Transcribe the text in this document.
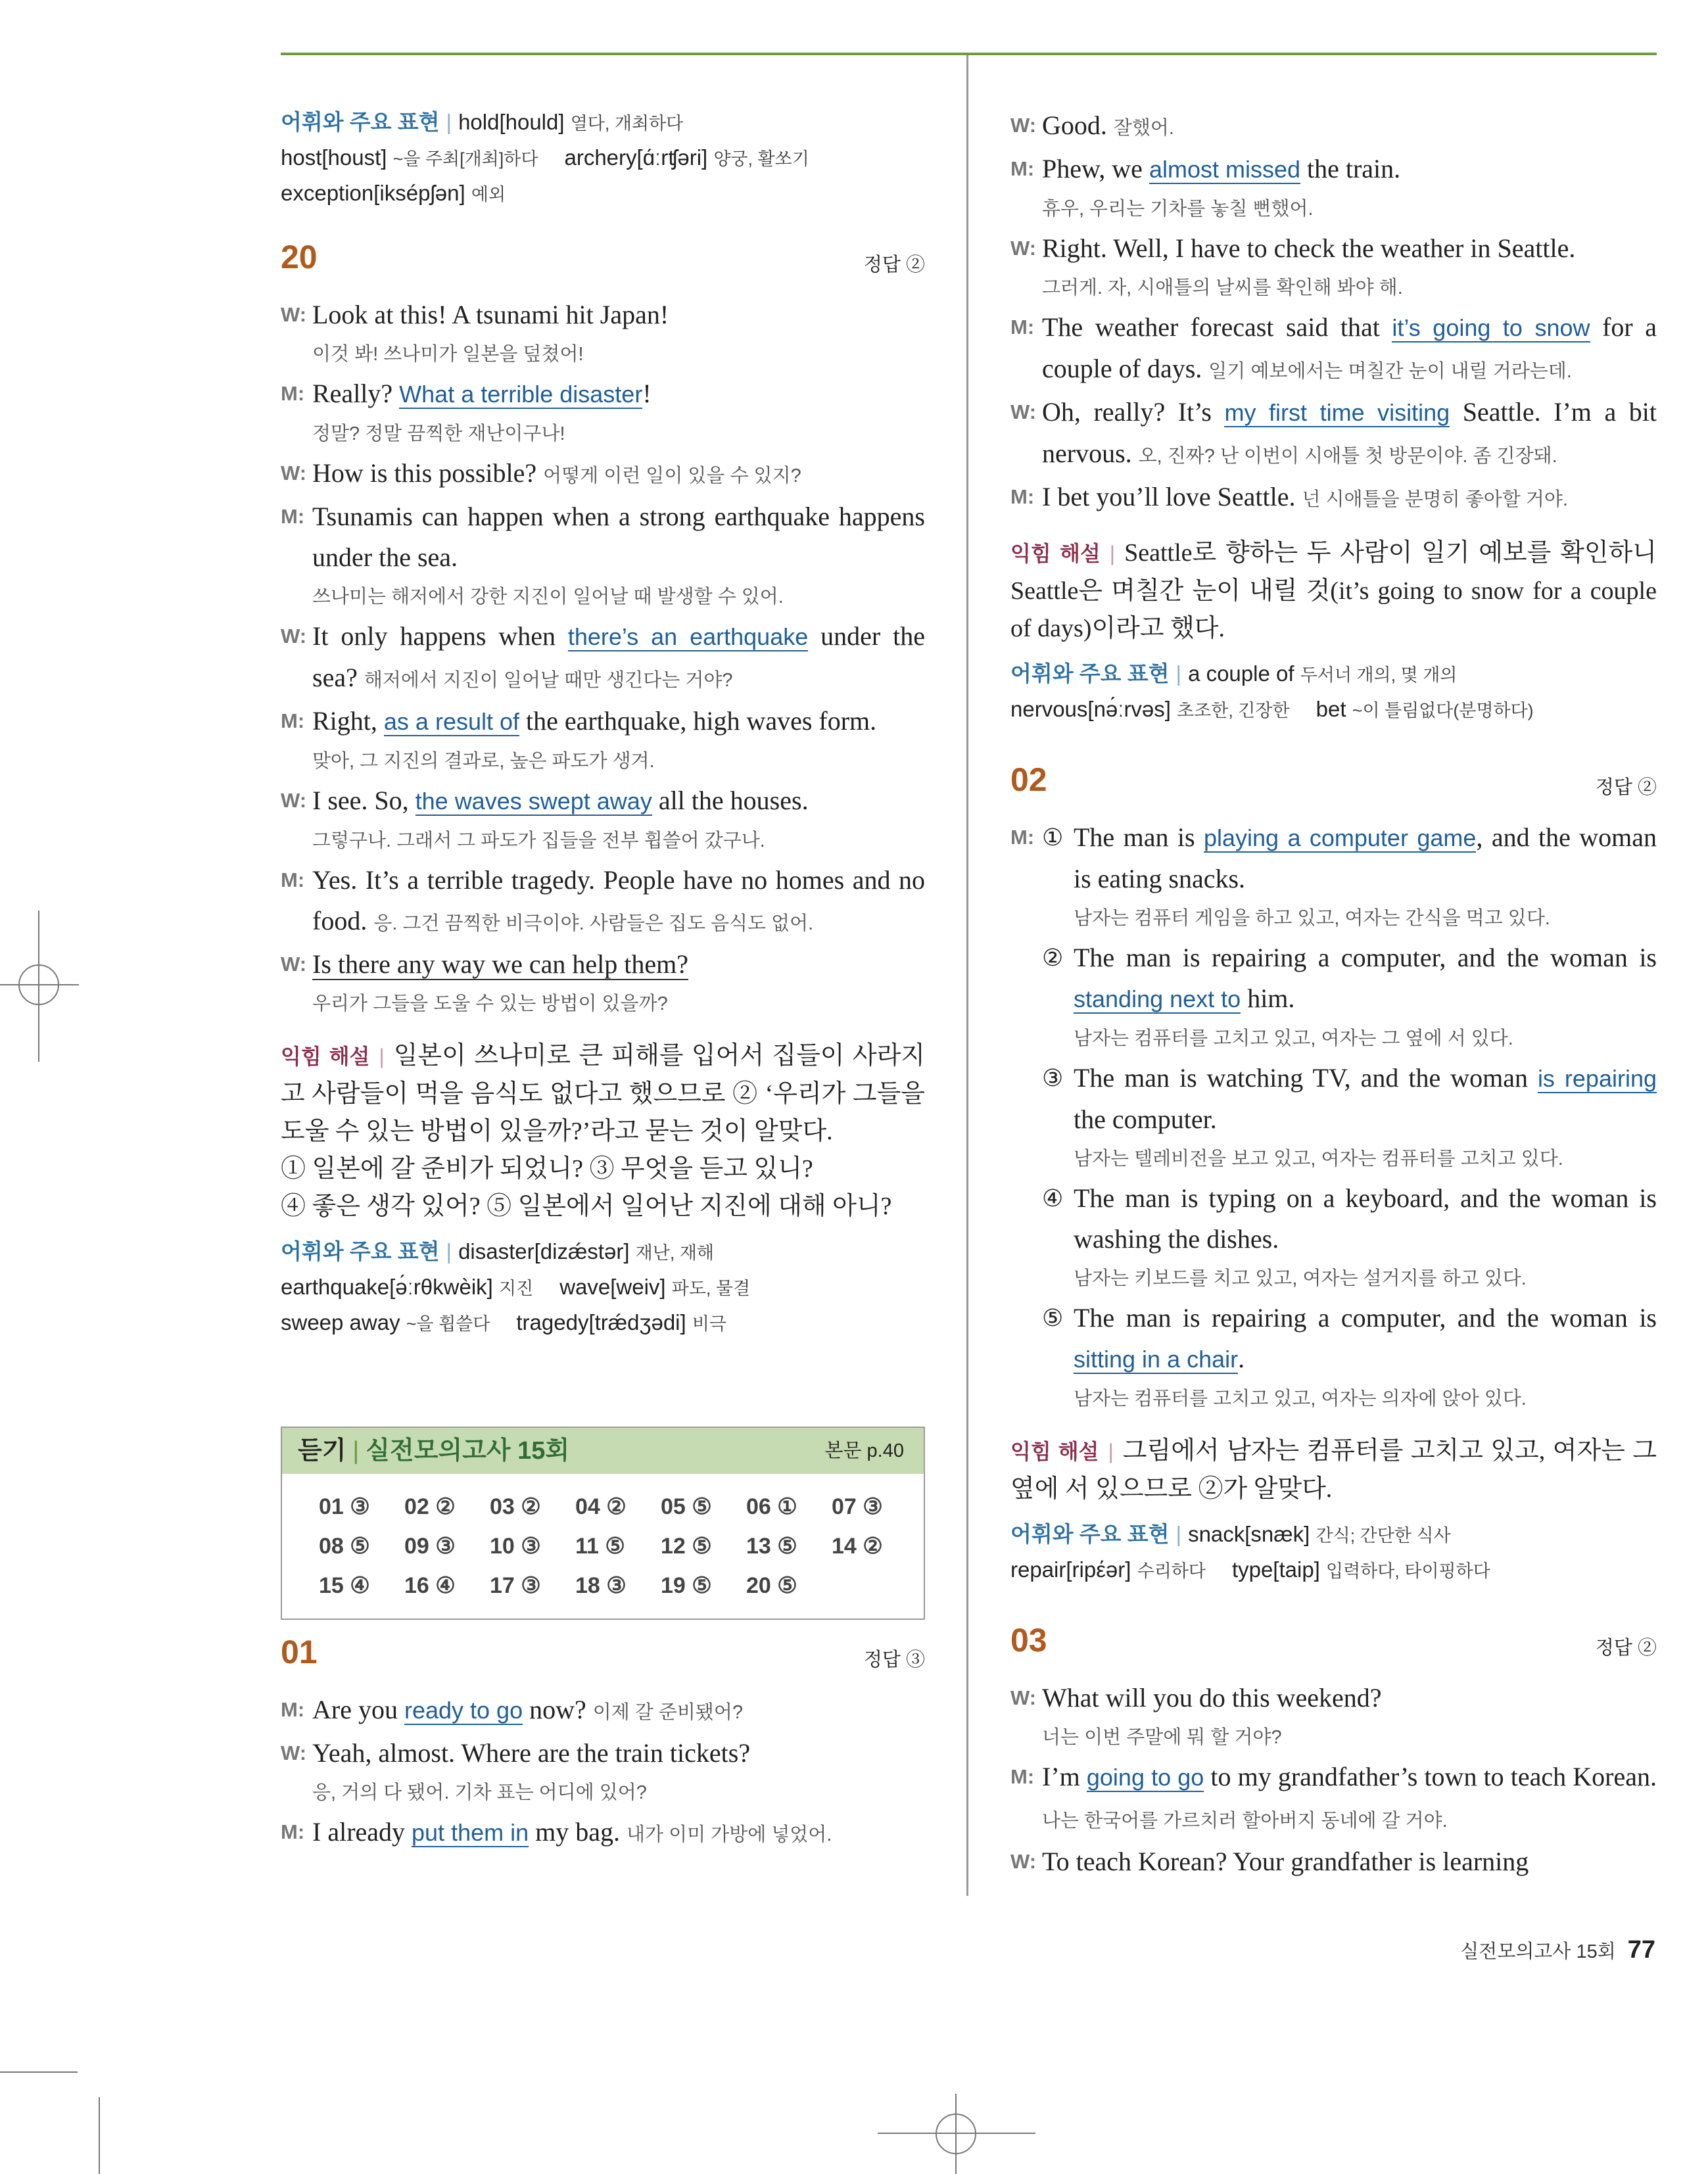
어휘와 주요 표현 | hold[hould] 열다, 개최하다
host[houst] ~을 주최[개최]하다 archery[ɑ́ːrʧəri] 양궁, 활쏘기
exception[iksépʃən] 예외
20	정답 ②
W: Look at this! A tsunami hit Japan!
이것 봐! 쓰나미가 일본을 덮쳤어!
M: Really? What a terrible disaster!
정말? 정말 끔찍한 재난이구나!
W: How is this possible? 어떻게 이런 일이 있을 수 있지?
M: Tsunamis can happen when a strong earthquake happens under the sea.
쓰나미는 해저에서 강한 지진이 일어날 때 발생할 수 있어.
W: It only happens when there’s an earthquake under the sea? 해저에서 지진이 일어날 때만 생긴다는 거야?
M: Right, as a result of the earthquake, high waves form.
맞아, 그 지진의 결과로, 높은 파도가 생겨.
W: I see. So, the waves swept away all the houses.
그렇구나. 그래서 그 파도가 집들을 전부 휩쓸어 갔구나.
M: Yes. It’s a terrible tragedy. People have no homes and no food. 응. 그건 끔찍한 비극이야. 사람들은 집도 음식도 없어.
W: Is there any way we can help them?
우리가 그들을 도울 수 있는 방법이 있을까?
익힘 해설 | 일본이 쓰나미로 큰 피해를 입어서 집들이 사라지고 사람들이 먹을 음식도 없다고 했으므로 ② ‘우리가 그들을 도울 수 있는 방법이 있을까?’라고 묻는 것이 알맞다.
① 일본에 갈 준비가 되었니? ③ 무엇을 듣고 있니?
④ 좋은 생각 있어? ⑤ 일본에서 일어난 지진에 대해 아니?
어휘와 주요 표현 | disaster[dizǽstər] 재난, 재해
earthquake[ə́ːrθkwèik] 지진 wave[weiv] 파도, 물결
sweep away ~을 휩쓸다 tragedy[trǽdʒədi] 비극
듣기 | 실전모의고사 15회	본문 p.40
01 ③	02 ②	03 ②	04 ②	05 ⑤	06 ①	07 ③
08 ⑤	09 ③	10 ③	11 ⑤	12 ⑤	13 ⑤	14 ②
15 ④	16 ④	17 ③	18 ③	19 ⑤	20 ⑤
01	정답 ③
M: Are you ready to go now? 이제 갈 준비됐어?
W: Yeah, almost. Where are the train tickets?
응, 거의 다 됐어. 기차 표는 어디에 있어?
M: I already put them in my bag. 내가 이미 가방에 넣었어.
W: Good. 잘했어.
M: Phew, we almost missed the train.
휴우, 우리는 기차를 놓칠 뻔했어.
W: Right. Well, I have to check the weather in Seattle.
그러게. 자, 시애틀의 날씨를 확인해 봐야 해.
M: The weather forecast said that it’s going to snow for a couple of days. 일기 예보에서는 며칠간 눈이 내릴 거라는데.
W: Oh, really? It’s my first time visiting Seattle. I’m a bit nervous. 오, 진짜? 난 이번이 시애틀 첫 방문이야. 좀 긴장돼.
M: I bet you’ll love Seattle. 넌 시애틀을 분명히 좋아할 거야.
익힘 해설 | Seattle로 향하는 두 사람이 일기 예보를 확인하니 Seattle은 며칠간 눈이 내릴 것(it’s going to snow for a couple of days)이라고 했다.
어휘와 주요 표현 | a couple of 두서너 개의, 몇 개의
nervous[nə́ːrvəs] 초조한, 긴장한 bet ~이 틀림없다(분명하다)
02	정답 ②
M: ① The man is playing a computer game, and the woman is eating snacks.
남자는 컴퓨터 게임을 하고 있고, 여자는 간식을 먹고 있다.
② The man is repairing a computer, and the woman is standing next to him.
남자는 컴퓨터를 고치고 있고, 여자는 그 옆에 서 있다.
③ The man is watching TV, and the woman is repairing the computer.
남자는 텔레비전을 보고 있고, 여자는 컴퓨터를 고치고 있다.
④ The man is typing on a keyboard, and the woman is washing the dishes.
남자는 키보드를 치고 있고, 여자는 설거지를 하고 있다.
⑤ The man is repairing a computer, and the woman is sitting in a chair.
남자는 컴퓨터를 고치고 있고, 여자는 의자에 앉아 있다.
익힘 해설 | 그림에서 남자는 컴퓨터를 고치고 있고, 여자는 그 옆에 서 있으므로 ②가 알맞다.
어휘와 주요 표현 | snack[snæk] 간식; 간단한 식사
repair[ripέər] 수리하다 type[taip] 입력하다, 타이핑하다
03	정답 ②
W: What will you do this weekend?
너는 이번 주말에 뭐 할 거야?
M: I’m going to go to my grandfather’s town to teach Korean. 나는 한국어를 가르치러 할아버지 동네에 갈 거야.
W: To teach Korean? Your grandfather is learning
실전모의고사 15회 77
